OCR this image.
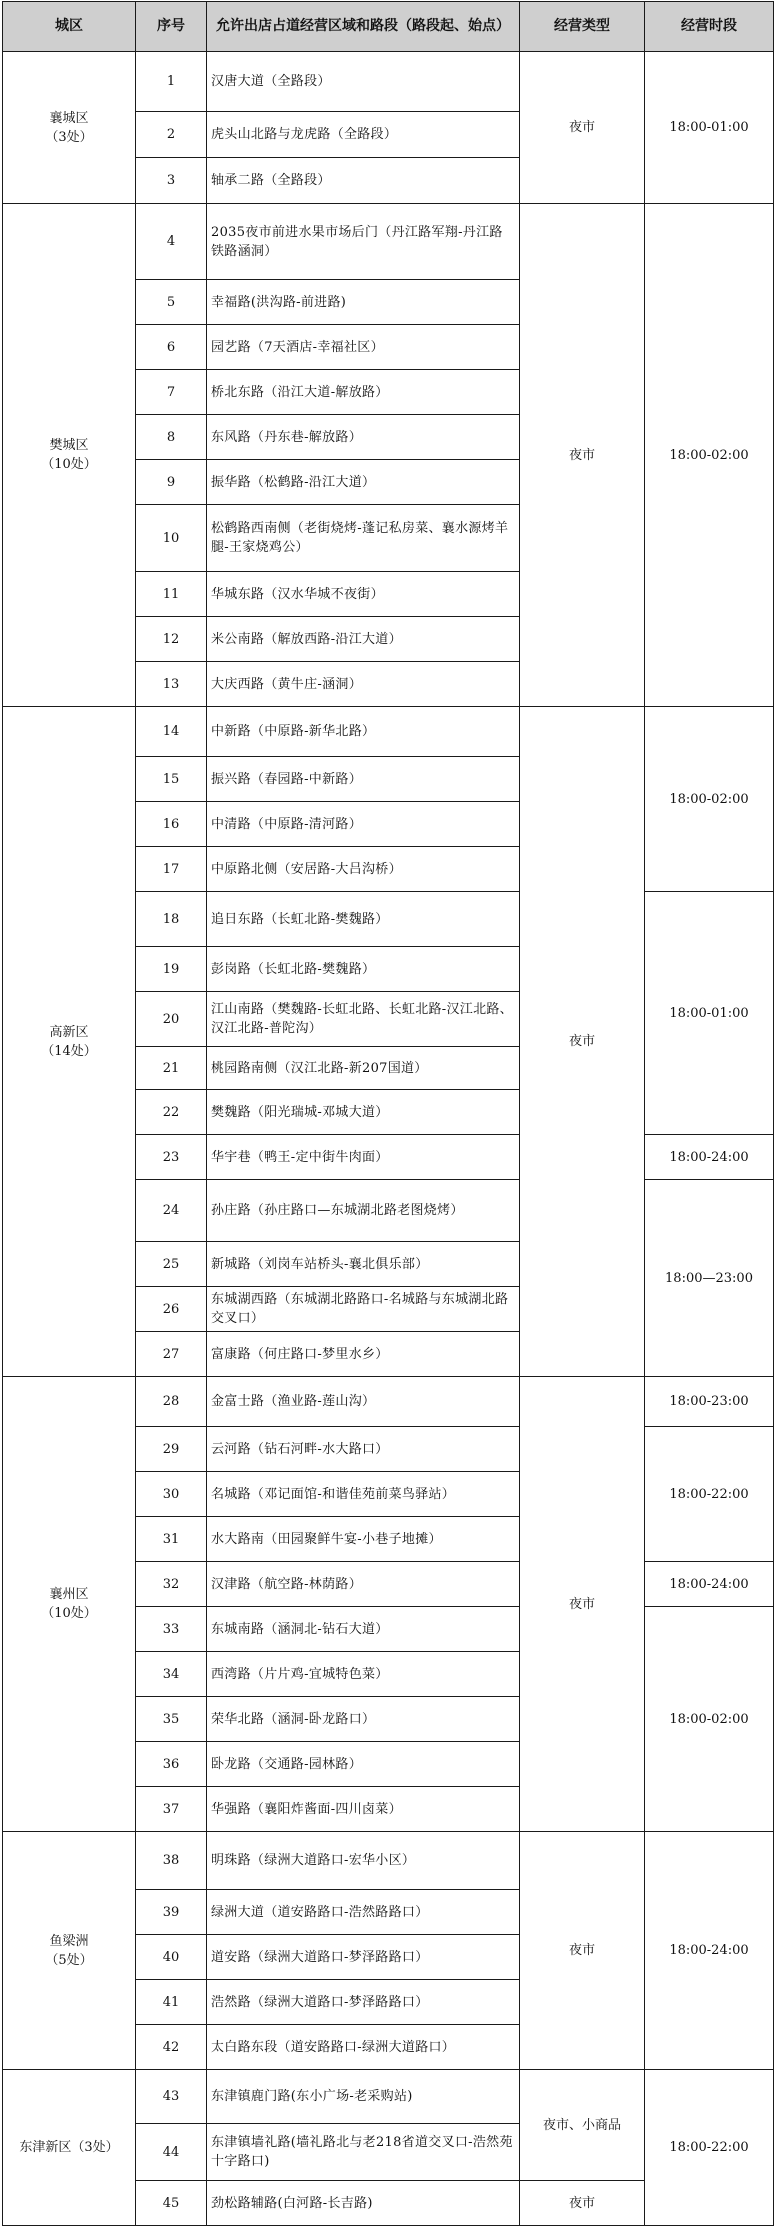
城区	序号	允许出店占道经营区域和路段（路段起、始点）	经营类型	经营时段

襄城区
（3处）	1	汉唐大道（全路段）	夜市	18:00-01:00
	2	虎头山北路与龙虎路（全路段）		
	3	轴承二路（全路段）		

樊城区
（10处）	4	2035夜市前进水果市场后门（丹江路军翔-丹江路铁路涵洞）	夜市	18:00-02:00
	5	幸福路(洪沟路-前进路)		
	6	园艺路（7天酒店-幸福社区）		
	7	桥北东路（沿江大道-解放路）		
	8	东风路（丹东巷-解放路）		
	9	振华路（松鹤路-沿江大道）		
	10	松鹤路西南侧（老街烧烤-蓬记私房菜、襄水源烤羊腿-王家烧鸡公）		
	11	华城东路（汉水华城不夜街）		
	12	米公南路（解放西路-沿江大道）		
	13	大庆西路（黄牛庄-涵洞）		

高新区
（14处）	14	中新路（中原路-新华北路）	夜市	18:00-02:00
	15	振兴路（春园路-中新路）		
	16	中清路（中原路-清河路）		
	17	中原路北侧（安居路-大吕沟桥）		
	18	追日东路（长虹北路-樊魏路）		18:00-01:00
	19	彭岗路（长虹北路-樊魏路）		
	20	江山南路（樊魏路-长虹北路、长虹北路-汉江北路、汉江北路-普陀沟）		
	21	桃园路南侧（汉江北路-新207国道）		
	22	樊魏路（阳光瑞城-邓城大道）		
	23	华宇巷（鸭王-定中街牛肉面）		18:00-24:00
	24	孙庄路（孙庄路口—东城湖北路老图烧烤）		18:00—23:00
	25	新城路（刘岗车站桥头-襄北俱乐部）		
	26	东城湖西路（东城湖北路路口-名城路与东城湖北路交叉口）		
	27	富康路（何庄路口-梦里水乡）		

襄州区
（10处）	28	金富士路（渔业路-莲山沟）	夜市	18:00-23:00
	29	云河路（钻石河畔-水大路口）		18:00-22:00
	30	名城路（邓记面馆-和谐佳苑前菜鸟驿站）		
	31	水大路南（田园聚鲜牛宴-小巷子地摊）		
	32	汉津路（航空路-林荫路）		18:00-24:00
	33	东城南路（涵洞北-钻石大道）		18:00-02:00
	34	西湾路（片片鸡-宜城特色菜）		
	35	荣华北路（涵洞-卧龙路口）		
	36	卧龙路（交通路-园林路）		
	37	华强路（襄阳炸酱面-四川卤菜）		

鱼梁洲
（5处）	38	明珠路（绿洲大道路口-宏华小区）	夜市	18:00-24:00
	39	绿洲大道（道安路路口-浩然路路口）		
	40	道安路（绿洲大道路口-梦泽路路口）		
	41	浩然路（绿洲大道路口-梦泽路路口）		
	42	太白路东段（道安路路口-绿洲大道路口）		

东津新区（3处）	43	东津镇鹿门路(东小广场-老采购站)	夜市、小商品	18:00-22:00
	44	东津镇墙礼路(墙礼路北与老218省道交叉口-浩然苑十字路口)		
	45	劲松路辅路(白河路-长吉路)	夜市	
